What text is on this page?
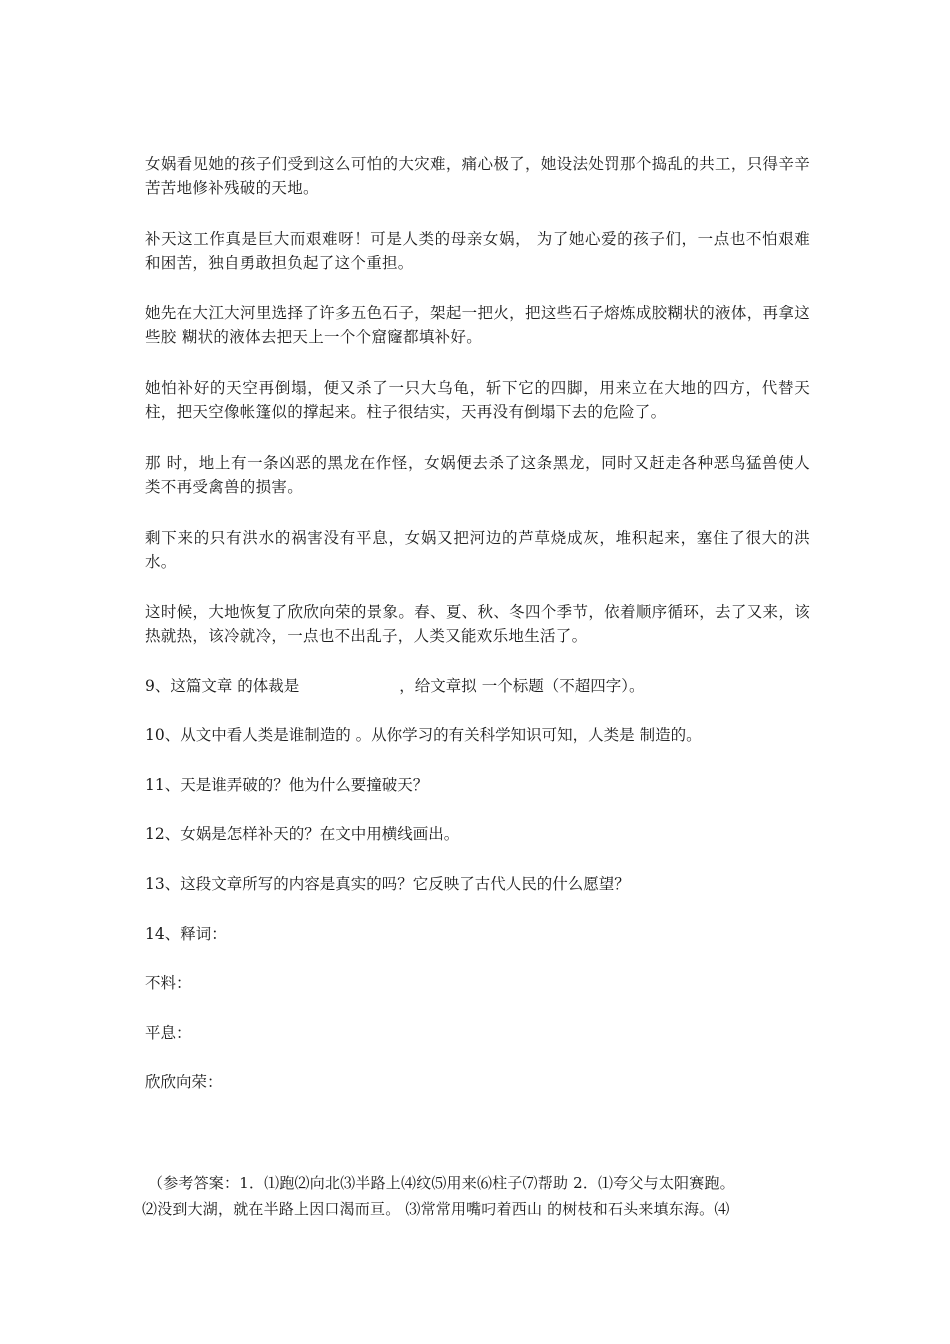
女娲看见她的孩子们受到这么可怕的大灾难，痛心极了，她设法处罚那个捣乱的共工，只得辛辛苦苦地修补残破的天地。

补天这工作真是巨大而艰难呀！可是人类的母亲女娲， 为了她心爱的孩子们，一点也不怕艰难和困苦，独自勇敢担负起了这个重担。

她先在大江大河里选择了许多五色石子，架起一把火，把这些石子熔炼成胶糊状的液体，再拿这些胶 糊状的液体去把天上一个个窟窿都填补好。

她怕补好的天空再倒塌，便又杀了一只大乌龟，斩下它的四脚，用来立在大地的四方，代替天柱，把天空像帐篷似的撑起来。柱子很结实，天再没有倒塌下去的危险了。

那 时，地上有一条凶恶的黑龙在作怪，女娲便去杀了这条黑龙，同时又赶走各种恶鸟猛兽使人类不再受禽兽的损害。

剩下来的只有洪水的祸害没有平息，女娲又把河边的芦草烧成灰，堆积起来，塞住了很大的洪水。

这时候，大地恢复了欣欣向荣的景象。春、夏、秋、冬四个季节，依着顺序循环，去了又来，该热就热，该冷就冷，一点也不出乱子，人类又能欢乐地生活了。

9、这篇文章 的体裁是	，给文章拟 一个标题（不超四字）。

10、从文中看人类是谁制造的 。从你学习的有关科学知识可知，人类是 制造的。

11、天是谁弄破的？他为什么要撞破天？

12、女娲是怎样补天的？在文中用横线画出。

13、这段文章所写的内容是真实的吗？它反映了古代人民的什么愿望？

14、释词：

不料：

平息：

欣欣向荣：

（参考答案：1．⑴跑⑵向北⑶半路上⑷纹⑸用来⑹柱子⑺帮助 2．⑴夸父与太阳赛跑。

⑵没到大湖，就在半路上因口渴而亘。 ⑶常常用嘴叼着西山 的树枝和石头来填东海。⑷
